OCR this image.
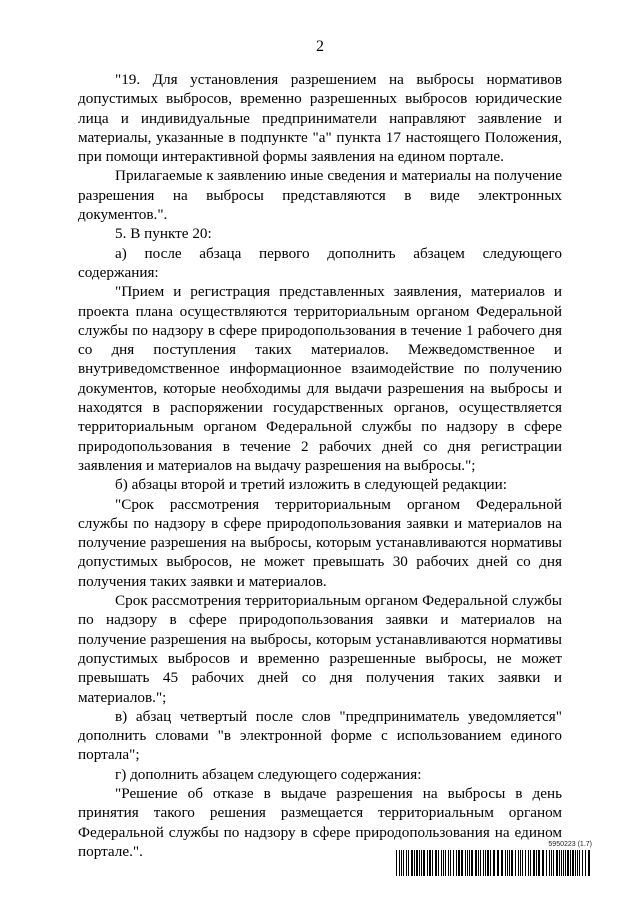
2

"19. Для установления разрешением на выбросы нормативов допустимых выбросов, временно разрешенных выбросов юридические лица и индивидуальные предприниматели направляют заявление и материалы, указанные в подпункте "а" пункта 17 настоящего Положения, при помощи интерактивной формы заявления на едином портале.

Прилагаемые к заявлению иные сведения и материалы на получение разрешения на выбросы представляются в виде электронных документов.".

5. В пункте 20:

а) после абзаца первого дополнить абзацем следующего содержания:

"Прием и регистрация представленных заявления, материалов и проекта плана осуществляются территориальным органом Федеральной службы по надзору в сфере природопользования в течение 1 рабочего дня со дня поступления таких материалов. Межведомственное и внутриведомственное информационное взаимодействие по получению документов, которые необходимы для выдачи разрешения на выбросы и находятся в распоряжении государственных органов, осуществляется территориальным органом Федеральной службы по надзору в сфере природопользования в течение 2 рабочих дней со дня регистрации заявления и материалов на выдачу разрешения на выбросы.";

б) абзацы второй и третий изложить в следующей редакции:

"Срок рассмотрения территориальным органом Федеральной службы по надзору в сфере природопользования заявки и материалов на получение разрешения на выбросы, которым устанавливаются нормативы допустимых выбросов, не может превышать 30 рабочих дней со дня получения таких заявки и материалов.

Срок рассмотрения территориальным органом Федеральной службы по надзору в сфере природопользования заявки и материалов на получение разрешения на выбросы, которым устанавливаются нормативы допустимых выбросов и временно разрешенные выбросы, не может превышать 45 рабочих дней со дня получения таких заявки и материалов.";

в) абзац четвертый после слов "предприниматель уведомляется" дополнить словами "в электронной форме с использованием единого портала";

г) дополнить абзацем следующего содержания:

"Решение об отказе в выдаче разрешения на выбросы в день принятия такого решения размещается территориальным органом Федеральной службы по надзору в сфере природопользования на едином портале.".	5950223 (1.7)
